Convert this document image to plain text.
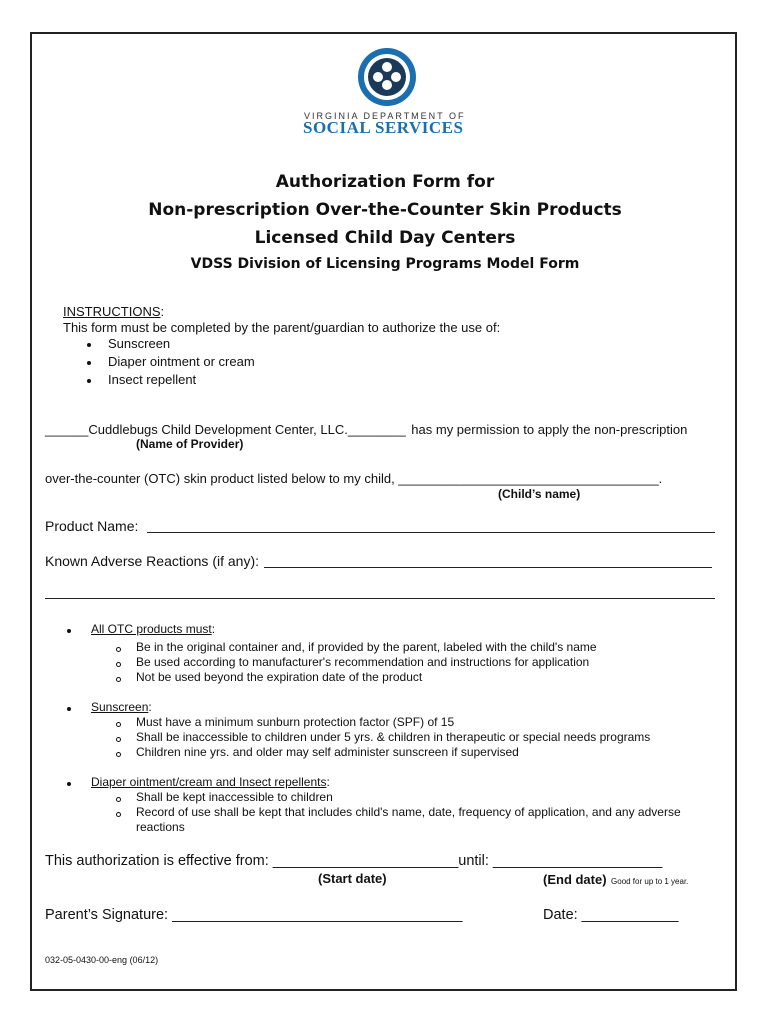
VIRGINIA DEPARTMENT OF
SOCIAL SERVICES
Authorization Form for
Non-prescription Over-the-Counter Skin Products
Licensed Child Day Centers
VDSS Division of Licensing Programs Model Form
INSTRUCTIONS:
This form must be completed by the parent/guardian to authorize the use of:
Sunscreen
Diaper ointment or cream
Insect repellent
______Cuddlebugs Child Development Center, LLC.________ has my permission to apply the non-prescription
(Name of Provider)
over-the-counter (OTC) skin product listed below to my child, ____________________________________.
(Child’s name)
Product Name:
Known Adverse Reactions (if any):
All OTC products must:
Be in the original container and, if provided by the parent, labeled with the child's name
Be used according to manufacturer's recommendation and instructions for application
Not be used beyond the expiration date of the product
Sunscreen:
Must have a minimum sunburn protection factor (SPF) of 15
Shall be inaccessible to children under 5 yrs. & children in therapeutic or special needs programs
Children nine yrs. and older may self administer sunscreen if supervised
Diaper ointment/cream and Insect repellents:
Shall be kept inaccessible to children
Record of use shall be kept that includes child's name, date, frequency of application, and any adverse
reactions
This authorization is effective from: _______________________until: _____________________
(Start date)	(End date) Good for up to 1 year.
Parent’s Signature: ____________________________________	Date: ____________
032-05-0430-00-eng (06/12)
